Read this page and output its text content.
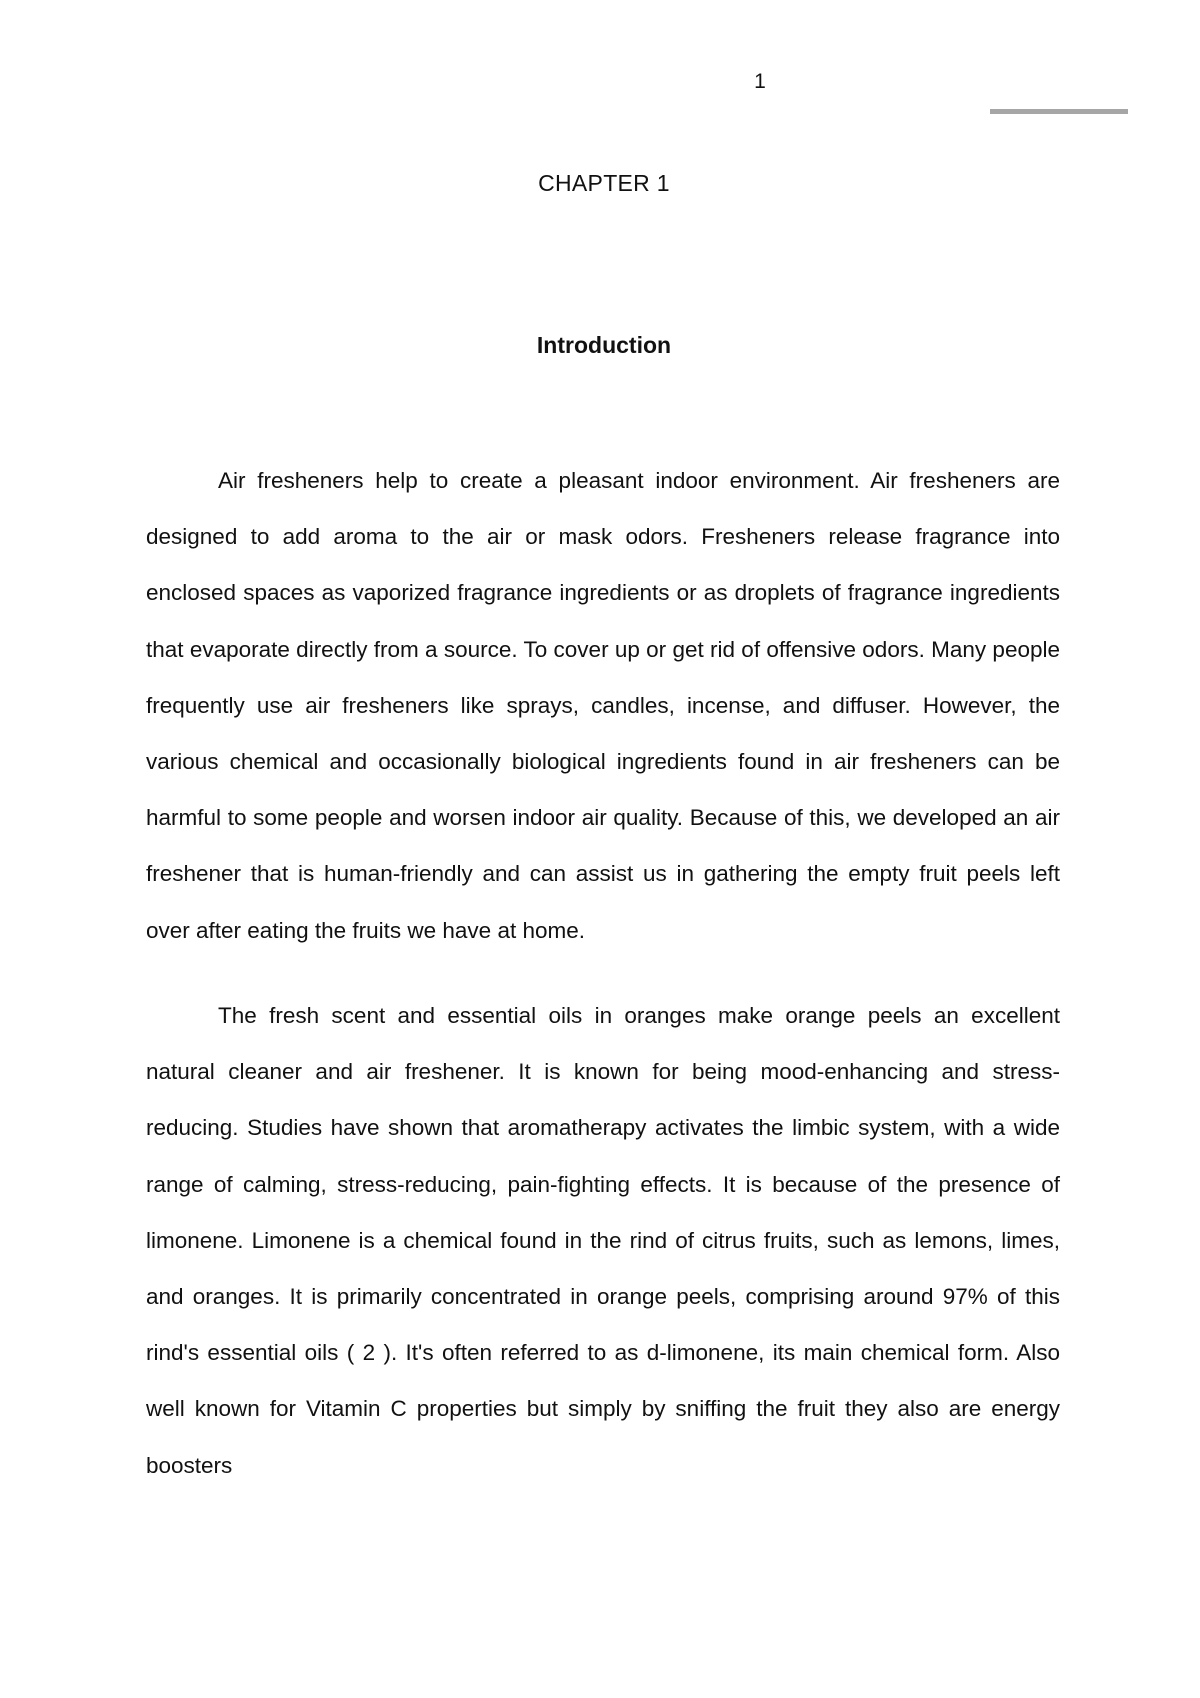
1
CHAPTER 1
Introduction

Air fresheners help to create a pleasant indoor environment. Air fresheners are designed to add aroma to the air or mask odors. Fresheners release fragrance into enclosed spaces as vaporized fragrance ingredients or as droplets of fragrance ingredients that evaporate directly from a source. To cover up or get rid of offensive odors. Many people frequently use air fresheners like sprays, candles, incense, and diffuser. However, the various chemical and occasionally biological ingredients found in air fresheners can be harmful to some people and worsen indoor air quality. Because of this, we developed an air freshener that is human-friendly and can assist us in gathering the empty fruit peels left over after eating the fruits we have at home.

The fresh scent and essential oils in oranges make orange peels an excellent natural cleaner and air freshener. It is known for being mood-enhancing and stress-reducing. Studies have shown that aromatherapy activates the limbic system, with a wide range of calming, stress-reducing, pain-fighting effects. It is because of the presence of limonene. Limonene is a chemical found in the rind of citrus fruits, such as lemons, limes, and oranges. It is primarily concentrated in orange peels, comprising around 97% of this rind's essential oils ( 2 ). It's often referred to as d-limonene, its main chemical form. Also well known for Vitamin C properties but simply by sniffing the fruit they also are energy boosters
